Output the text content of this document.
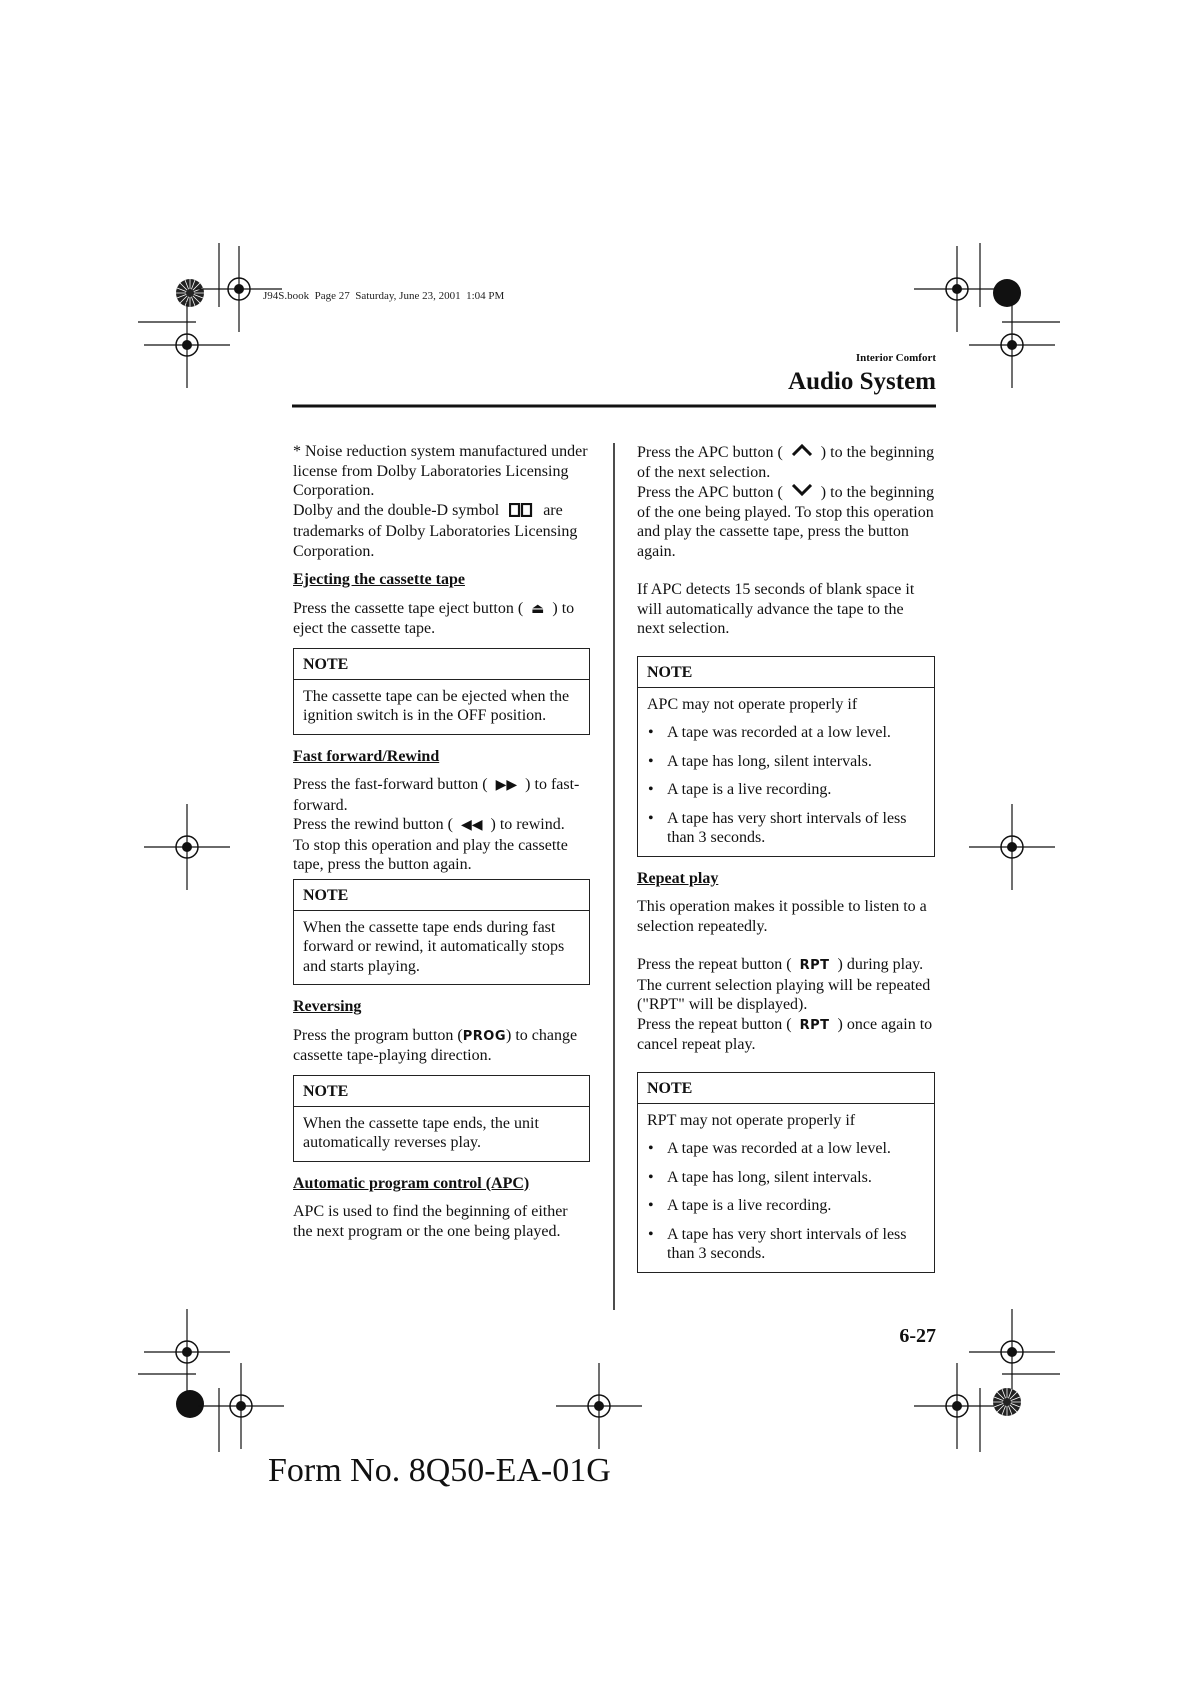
J94S.book  Page 27  Saturday, June 23, 2001  1:04 PM
Interior Comfort
Audio System

* Noise reduction system manufactured under license from Dolby Laboratories Licensing Corporation.

Dolby and the double-D symbol	are trademarks of Dolby Laboratories Licensing Corporation.

Ejecting the cassette tape

Press the cassette tape eject button ( ⏏ ) to eject the cassette tape.

NOTE
The cassette tape can be ejected when the ignition switch is in the OFF position.

Fast forward/Rewind

Press the fast-forward button ( ▶▶ ) to fast-forward.

Press the rewind button ( ◀◀ ) to rewind.

To stop this operation and play the cassette tape, press the button again.

NOTE
When the cassette tape ends during fast forward or rewind, it automatically stops and starts playing.

Reversing

Press the program button (PROG) to change cassette tape-playing direction.

NOTE
When the cassette tape ends, the unit automatically reverses play.

Automatic program control (APC)

APC is used to find the beginning of either the next program or the one being played.

Press the APC button ( ) to the beginning of the next selection.

Press the APC button ( ) to the beginning of the one being played. To stop this operation and play the cassette tape, press the button again.

If APC detects 15 seconds of blank space it will automatically advance the tape to the next selection.

NOTE
APC may not operate properly if
• A tape was recorded at a low level.
• A tape has long, silent intervals.
• A tape is a live recording.
• A tape has very short intervals of less than 3 seconds.

Repeat play

This operation makes it possible to listen to a selection repeatedly.

Press the repeat button ( RPT ) during play. The current selection playing will be repeated ("RPT" will be displayed).

Press the repeat button ( RPT ) once again to cancel repeat play.

NOTE
RPT may not operate properly if
• A tape was recorded at a low level.
• A tape has long, silent intervals.
• A tape is a live recording.
• A tape has very short intervals of less than 3 seconds.
6-27
Form No. 8Q50-EA-01G
